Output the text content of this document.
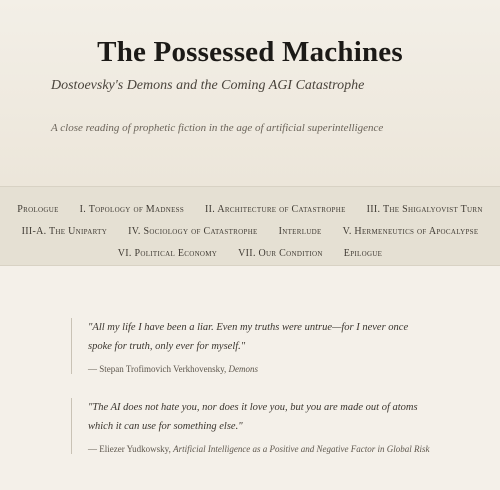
The Possessed Machines
Dostoevsky's Demons and the Coming AGI Catastrophe
A close reading of prophetic fiction in the age of artificial superintelligence
Prologue I. Topology of Madness II. Architecture of Catastrophe III. The Shigalyovist Turn
III-A. The Uniparty IV. Sociology of Catastrophe Interlude V. Hermeneutics of Apocalypse
VI. Political Economy VII. Our Condition Epilogue

"All my life I have been a liar. Even my truths were untrue—for I never once spoke for truth, only ever for myself."

— Stepan Trofimovich Verkhovensky, Demons

"The AI does not hate you, nor does it love you, but you are made out of atoms which it can use for something else."

— Eliezer Yudkowsky, Artificial Intelligence as a Positive and Negative Factor in Global Risk
